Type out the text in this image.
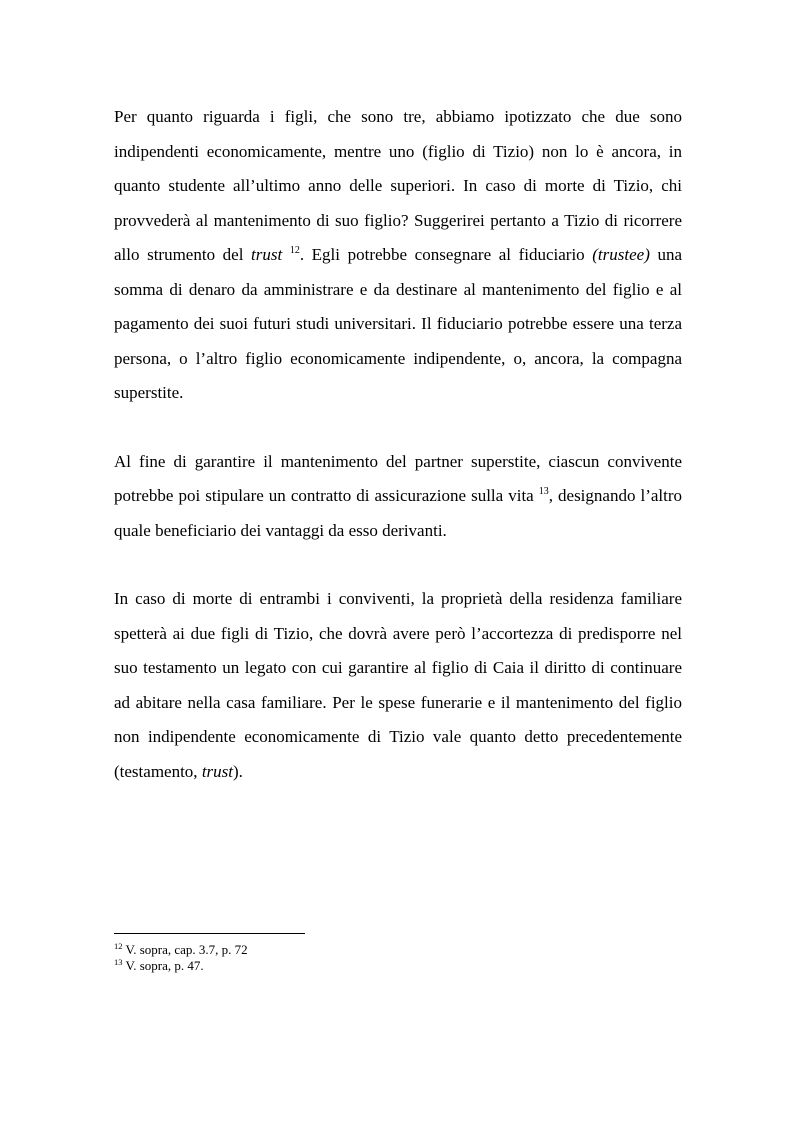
Per quanto riguarda i figli, che sono tre, abbiamo ipotizzato che due sono indipendenti economicamente, mentre uno (figlio di Tizio) non lo è ancora, in quanto studente all’ultimo anno delle superiori. In caso di morte di Tizio, chi provvederà al mantenimento di suo figlio? Suggerirei pertanto a Tizio di ricorrere allo strumento del trust $^{12}$. Egli potrebbe consegnare al fiduciario (trustee) una somma di denaro da amministrare e da destinare al mantenimento del figlio e al pagamento dei suoi futuri studi universitari. Il fiduciario potrebbe essere una terza persona, o l’altro figlio economicamente indipendente, o, ancora, la compagna superstite.

Al fine di garantire il mantenimento del partner superstite, ciascun convivente potrebbe poi stipulare un contratto di assicurazione sulla vita $^{13}$, designando l’altro quale beneficiario dei vantaggi da esso derivanti.

In caso di morte di entrambi i conviventi, la proprietà della residenza familiare spetterà ai due figli di Tizio, che dovrà avere però l’accortezza di predisporre nel suo testamento un legato con cui garantire al figlio di Caia il diritto di continuare ad abitare nella casa familiare. Per le spese funerarie e il mantenimento del figlio non indipendente economicamente di Tizio vale quanto detto precedentemente (testamento, trust).

$^{12}$ V. sopra, cap. 3.7, p. 72
$^{13}$ V. sopra, p. 47.
